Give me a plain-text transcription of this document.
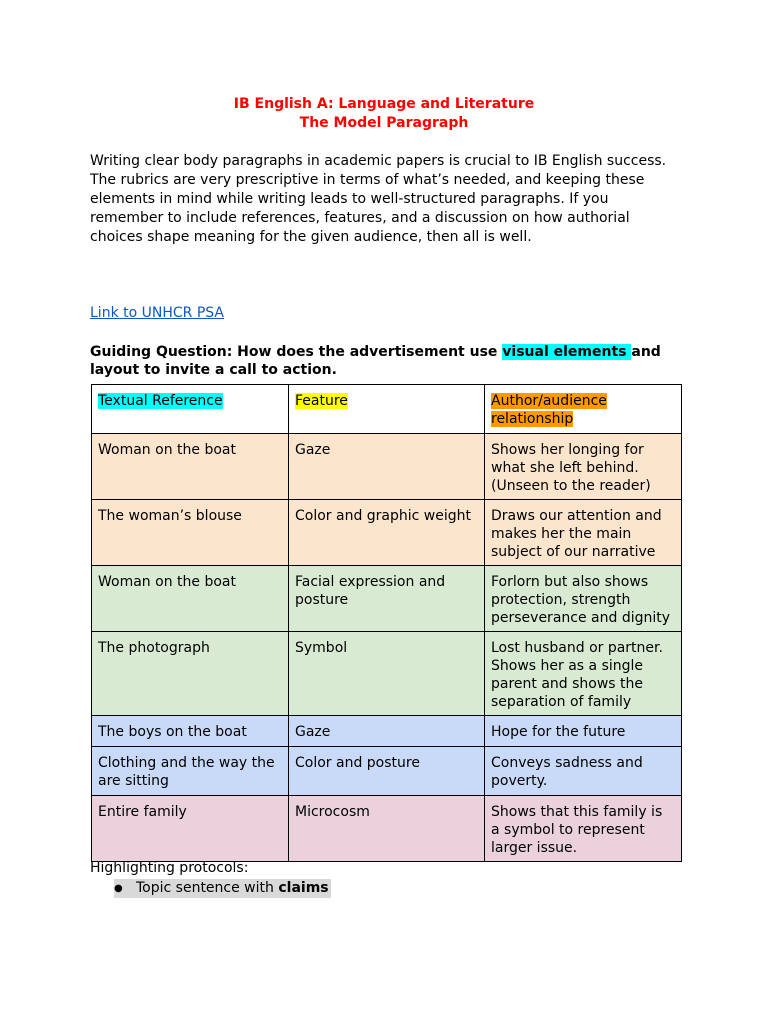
IB English A: Language and Literature
The Model Paragraph

Writing clear body paragraphs in academic papers is crucial to IB English success. The rubrics are very prescriptive in terms of what’s needed, and keeping these elements in mind while writing leads to well-structured paragraphs. If you remember to include references, features, and a discussion on how authorial choices shape meaning for the given audience, then all is well.

Link to UNHCR PSA

Guiding Question: How does the advertisement use visual elements and layout to invite a call to action.

Textual Reference	Feature	Author/audience relationship
Woman on the boat	Gaze	Shows her longing for what she left behind. (Unseen to the reader)
The woman’s blouse	Color and graphic weight	Draws our attention and makes her the main subject of our narrative
Woman on the boat	Facial expression and posture	Forlorn but also shows protection, strength perseverance and dignity
The photograph	Symbol	Lost husband or partner. Shows her as a single parent and shows the separation of family
The boys on the boat	Gaze	Hope for the future
Clothing and the way the are sitting	Color and posture	Conveys sadness and poverty.
Entire family	Microcosm	Shows that this family is a symbol to represent larger issue.
Highlighting protocols:
● Topic sentence with claims
